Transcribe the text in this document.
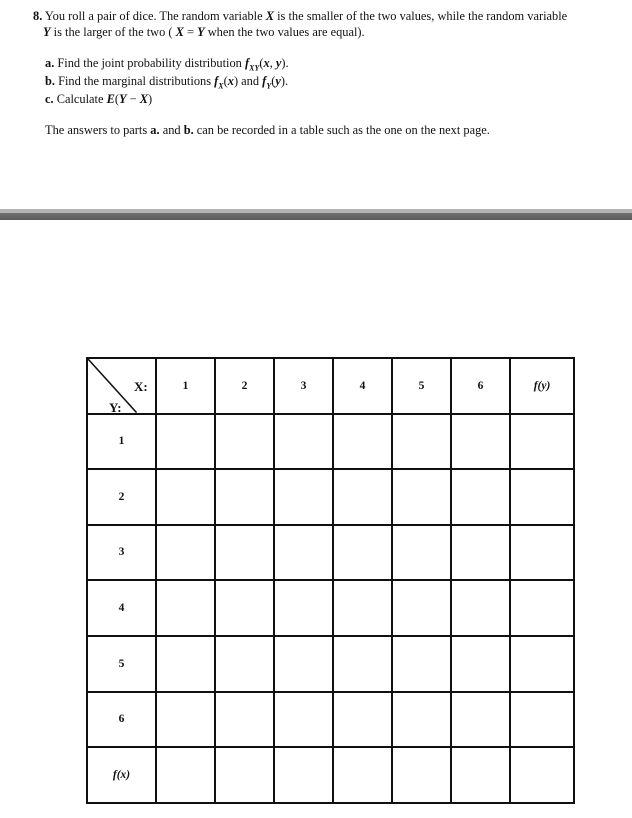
8. You roll a pair of dice. The random variable X is the smaller of the two values, while the random variable

Y is the larger of the two ( X = Y when the two values are equal).

a. Find the joint probability distribution $f_{XY}(x$, y).
b. Find the marginal distributions $f_X(x)$ and $f_Y(y)$.
c. Calculate E(Y − X)

The answers to parts a. and b. can be recorded in a table such as the one on the next page.

X:
Y:	1	2	3	4	5	6	f(y)
1							
2							
3							
4							
5							
6							
f(x)							
